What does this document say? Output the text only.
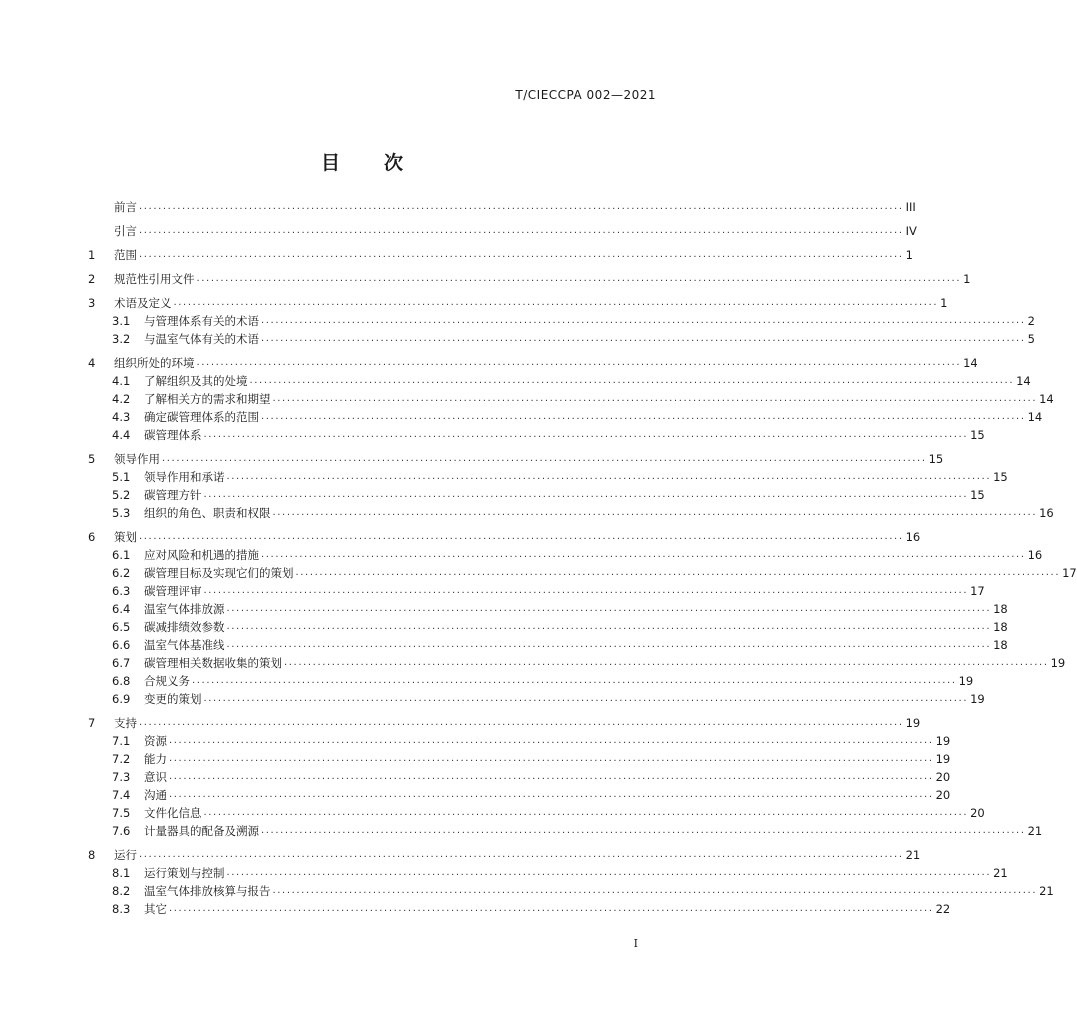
T/CIECCPA 002—2021
目 次
前言 ................................................................................................................................................................ III
引言 ................................................................................................................................................................ IV
1	范围 ................................................................................................................................................................ 1
2	规范性引用文件 ................................................................................................................................................................ 1
3	术语及定义 ................................................................................................................................................................ 1
3.1	与管理体系有关的术语 ................................................................................................................................................................ 2
3.2	与温室气体有关的术语 ................................................................................................................................................................ 5
4	组织所处的环境 ................................................................................................................................................................ 14
4.1	了解组织及其的处境 ................................................................................................................................................................ 14
4.2	了解相关方的需求和期望 ................................................................................................................................................................ 14
4.3	确定碳管理体系的范围 ................................................................................................................................................................ 14
4.4	碳管理体系 ................................................................................................................................................................ 15
5	领导作用 ................................................................................................................................................................ 15
5.1	领导作用和承诺 ................................................................................................................................................................ 15
5.2	碳管理方针 ................................................................................................................................................................ 15
5.3	组织的角色、职责和权限 ................................................................................................................................................................ 16
6	策划 ................................................................................................................................................................ 16
6.1	应对风险和机遇的措施 ................................................................................................................................................................ 16
6.2	碳管理目标及实现它们的策划 ................................................................................................................................................................ 17
6.3	碳管理评审 ................................................................................................................................................................ 17
6.4	温室气体排放源 ................................................................................................................................................................ 18
6.5	碳减排绩效参数 ................................................................................................................................................................ 18
6.6	温室气体基准线 ................................................................................................................................................................ 18
6.7	碳管理相关数据收集的策划 ................................................................................................................................................................ 19
6.8	合规义务 ................................................................................................................................................................ 19
6.9	变更的策划 ................................................................................................................................................................ 19
7	支持 ................................................................................................................................................................ 19
7.1	资源 ................................................................................................................................................................ 19
7.2	能力 ................................................................................................................................................................ 19
7.3	意识 ................................................................................................................................................................ 20
7.4	沟通 ................................................................................................................................................................ 20
7.5	文件化信息 ................................................................................................................................................................ 20
7.6	计量器具的配备及溯源 ................................................................................................................................................................ 21
8	运行 ................................................................................................................................................................ 21
8.1	运行策划与控制 ................................................................................................................................................................ 21
8.2	温室气体排放核算与报告 ................................................................................................................................................................ 21
8.3	其它 ................................................................................................................................................................ 22
I
